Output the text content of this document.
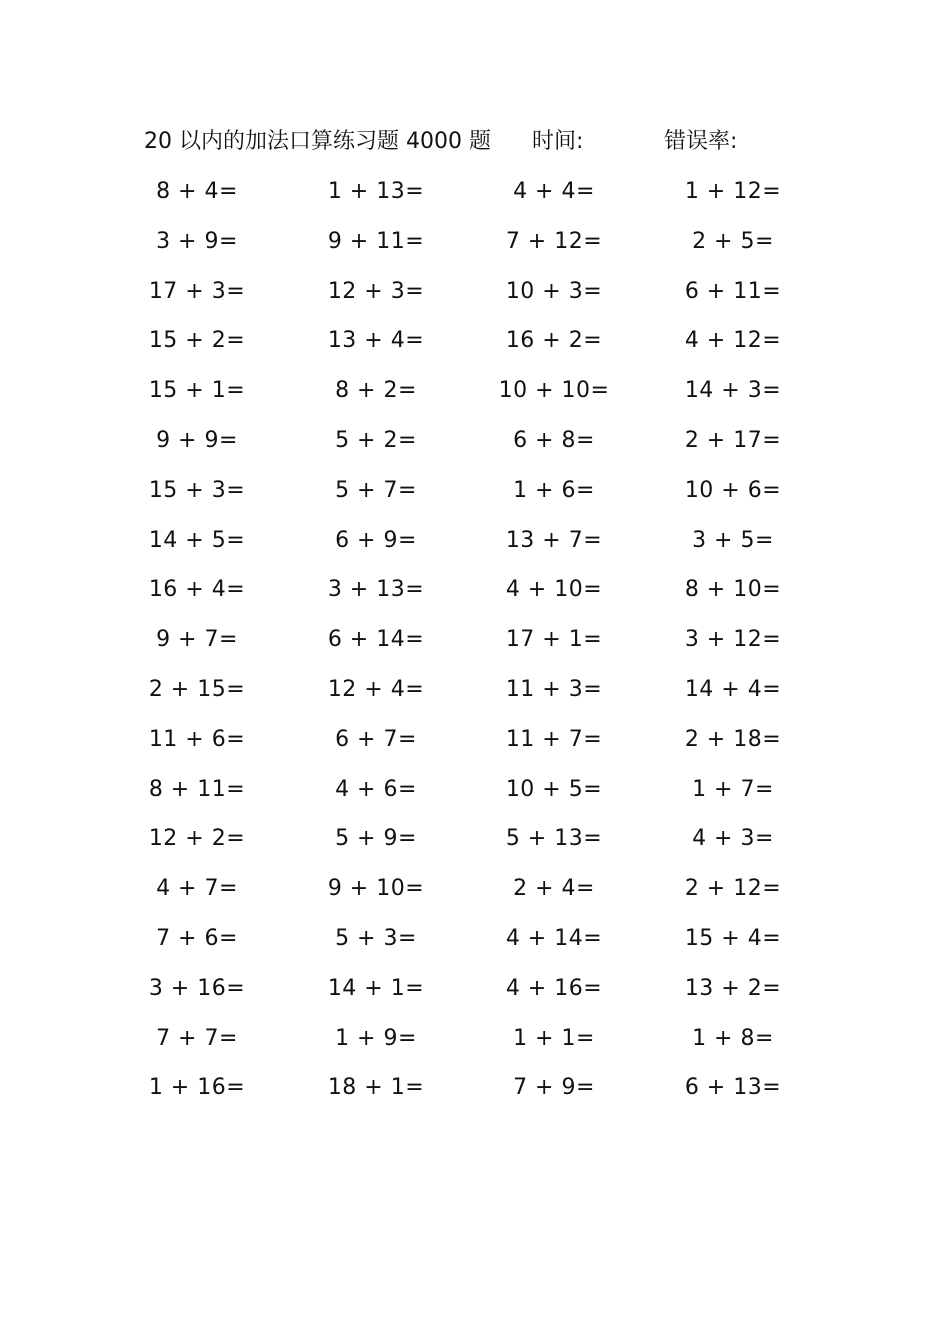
20 以内的加法口算练习题 4000 题 时间:	错误率:
8 + 4=	1 + 13=	4 + 4=	1 + 12=
3 + 9=	9 + 11=	7 + 12=	2 + 5=
17 + 3=	12 + 3=	10 + 3=	6 + 11=
15 + 2=	13 + 4=	16 + 2=	4 + 12=
15 + 1=	8 + 2=	10 + 10=	14 + 3=
9 + 9=	5 + 2=	6 + 8=	2 + 17=
15 + 3=	5 + 7=	1 + 6=	10 + 6=
14 + 5=	6 + 9=	13 + 7=	3 + 5=
16 + 4=	3 + 13=	4 + 10=	8 + 10=
9 + 7=	6 + 14=	17 + 1=	3 + 12=
2 + 15=	12 + 4=	11 + 3=	14 + 4=
11 + 6=	6 + 7=	11 + 7=	2 + 18=
8 + 11=	4 + 6=	10 + 5=	1 + 7=
12 + 2=	5 + 9=	5 + 13=	4 + 3=
4 + 7=	9 + 10=	2 + 4=	2 + 12=
7 + 6=	5 + 3=	4 + 14=	15 + 4=
3 + 16=	14 + 1=	4 + 16=	13 + 2=
7 + 7=	1 + 9=	1 + 1=	1 + 8=
1 + 16=	18 + 1=	7 + 9=	6 + 13=
